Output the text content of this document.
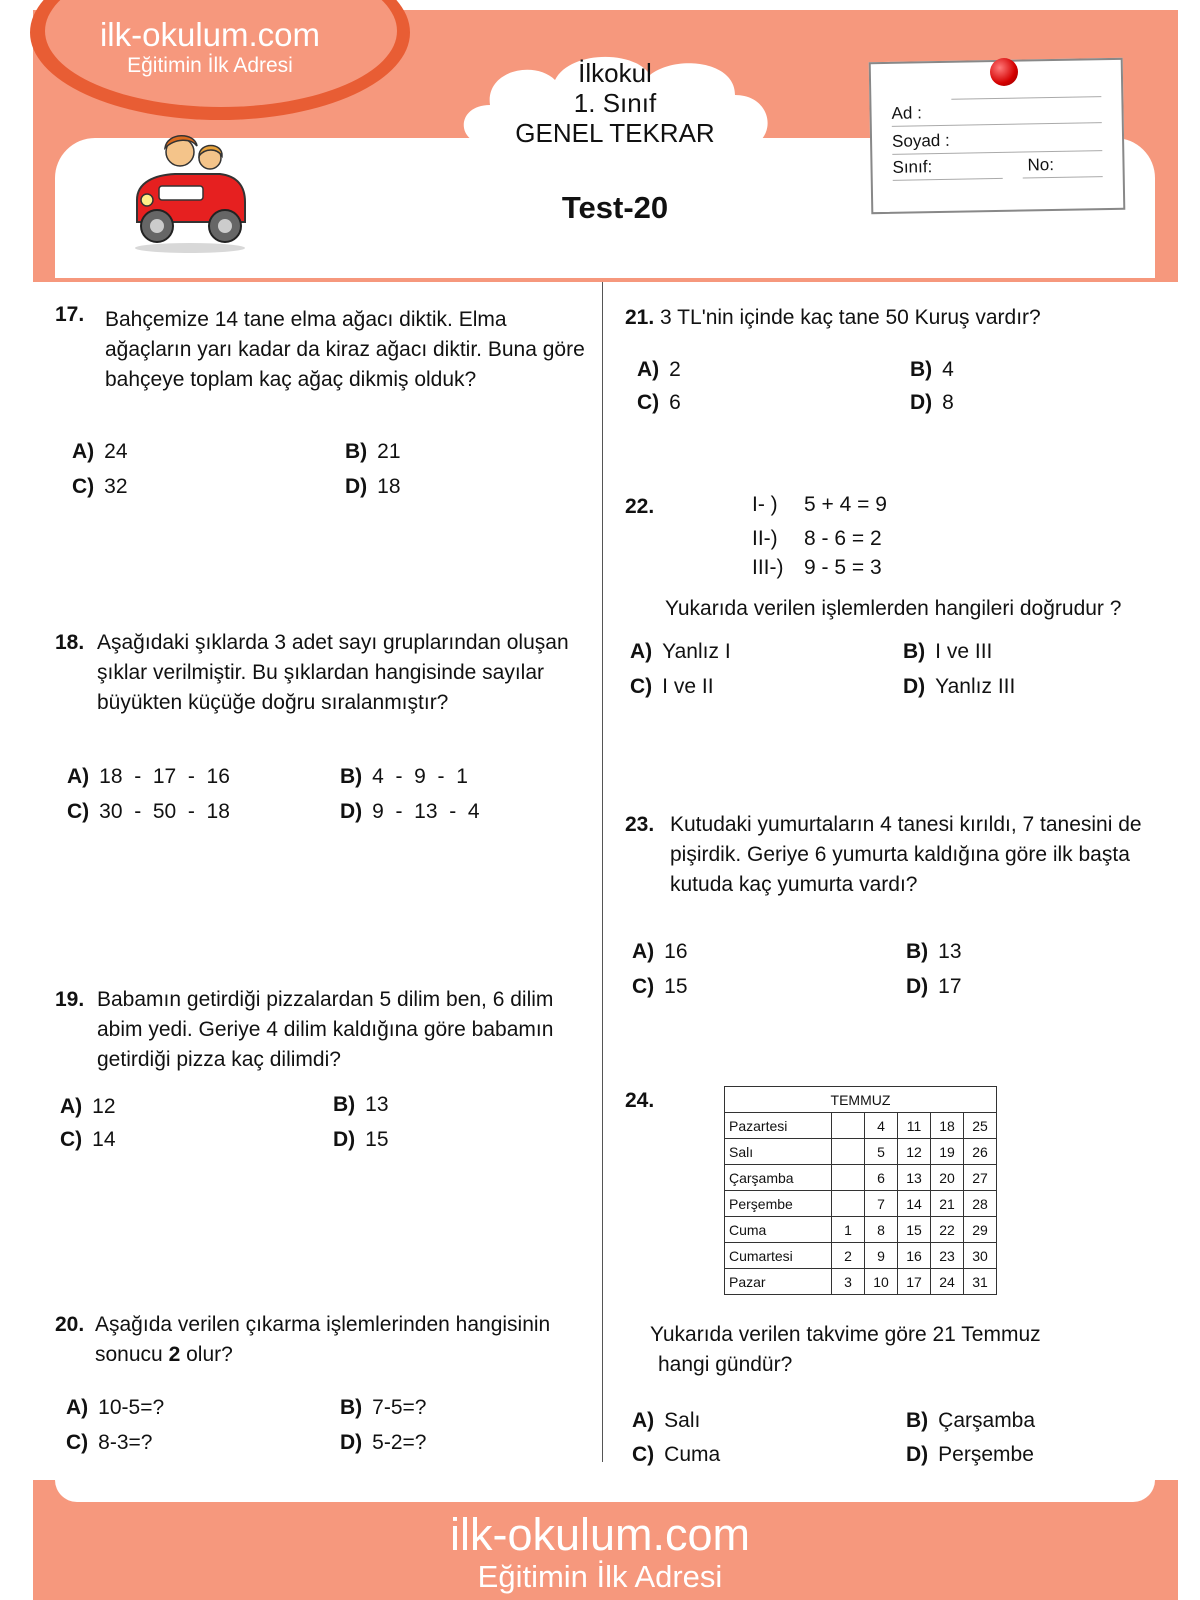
ilk-okulum.com
Eğitimin İlk Adresi	İlkokul
1. Sınıf
GENEL TEKRAR
Test-20
Ad :
Soyad :
Sınıf:	No:
17. Bahçemize 14 tane elma ağacı diktik. Elma ağaçların yarı kadar da kiraz ağacı diktir. Buna göre bahçeye toplam kaç ağaç dikmiş olduk?
A) 24	B) 21
C) 32	D) 18
18. Aşağıdaki şıklarda 3 adet sayı gruplarından oluşan şıklar verilmiştir. Bu şıklardan hangisinde sayılar büyükten küçüğe doğru sıralanmıştır?
A) 18  -  17  -  16	B) 4  -  9  -  1
C) 30  -  50  -  18	D) 9  -  13  -  4
19. Babamın getirdiği pizzalardan 5 dilim ben, 6 dilim abim yedi. Geriye 4 dilim kaldığına göre babamın getirdiği pizza kaç dilimdi?
A) 12	B) 13
C) 14	D) 15
20. Aşağıda verilen çıkarma işlemlerinden hangisinin sonucu 2 olur?
A) 10-5=?	B) 7-5=?
C) 8-3=?	D) 5-2=?
21. 3 TL'nin içinde kaç tane 50 Kuruş vardır?
A) 2	B) 4
C) 6	D) 8
22.	I- ) 5 + 4 = 9
II-) 8 - 6 = 2
III-) 9 - 5 = 3
Yukarıda verilen işlemlerden hangileri doğrudur ?
A) Yanlız I	B) I ve III
C) I ve II	D) Yanlız III
23. Kutudaki yumurtaların 4 tanesi kırıldı, 7 tanesini de pişirdik. Geriye 6 yumurta kaldığına göre ilk başta kutuda kaç yumurta vardı?
A) 16	B) 13
C) 15	D) 17
24.	TEMMUZ					
Pazartesi		4	11	18	25
Salı		5	12	19	26
Çarşamba		6	13	20	27
Perşembe		7	14	21	28
Cuma	1	8	15	22	29
Cumartesi	2	9	16	23	30
Pazar	3	10	17	24	31
Yukarıda verilen takvime göre 21 Temmuz
hangi gündür?
A) Salı	B) Çarşamba
C) Cuma	D) Perşembe
ilk-okulum.com
Eğitimin İlk Adresi
